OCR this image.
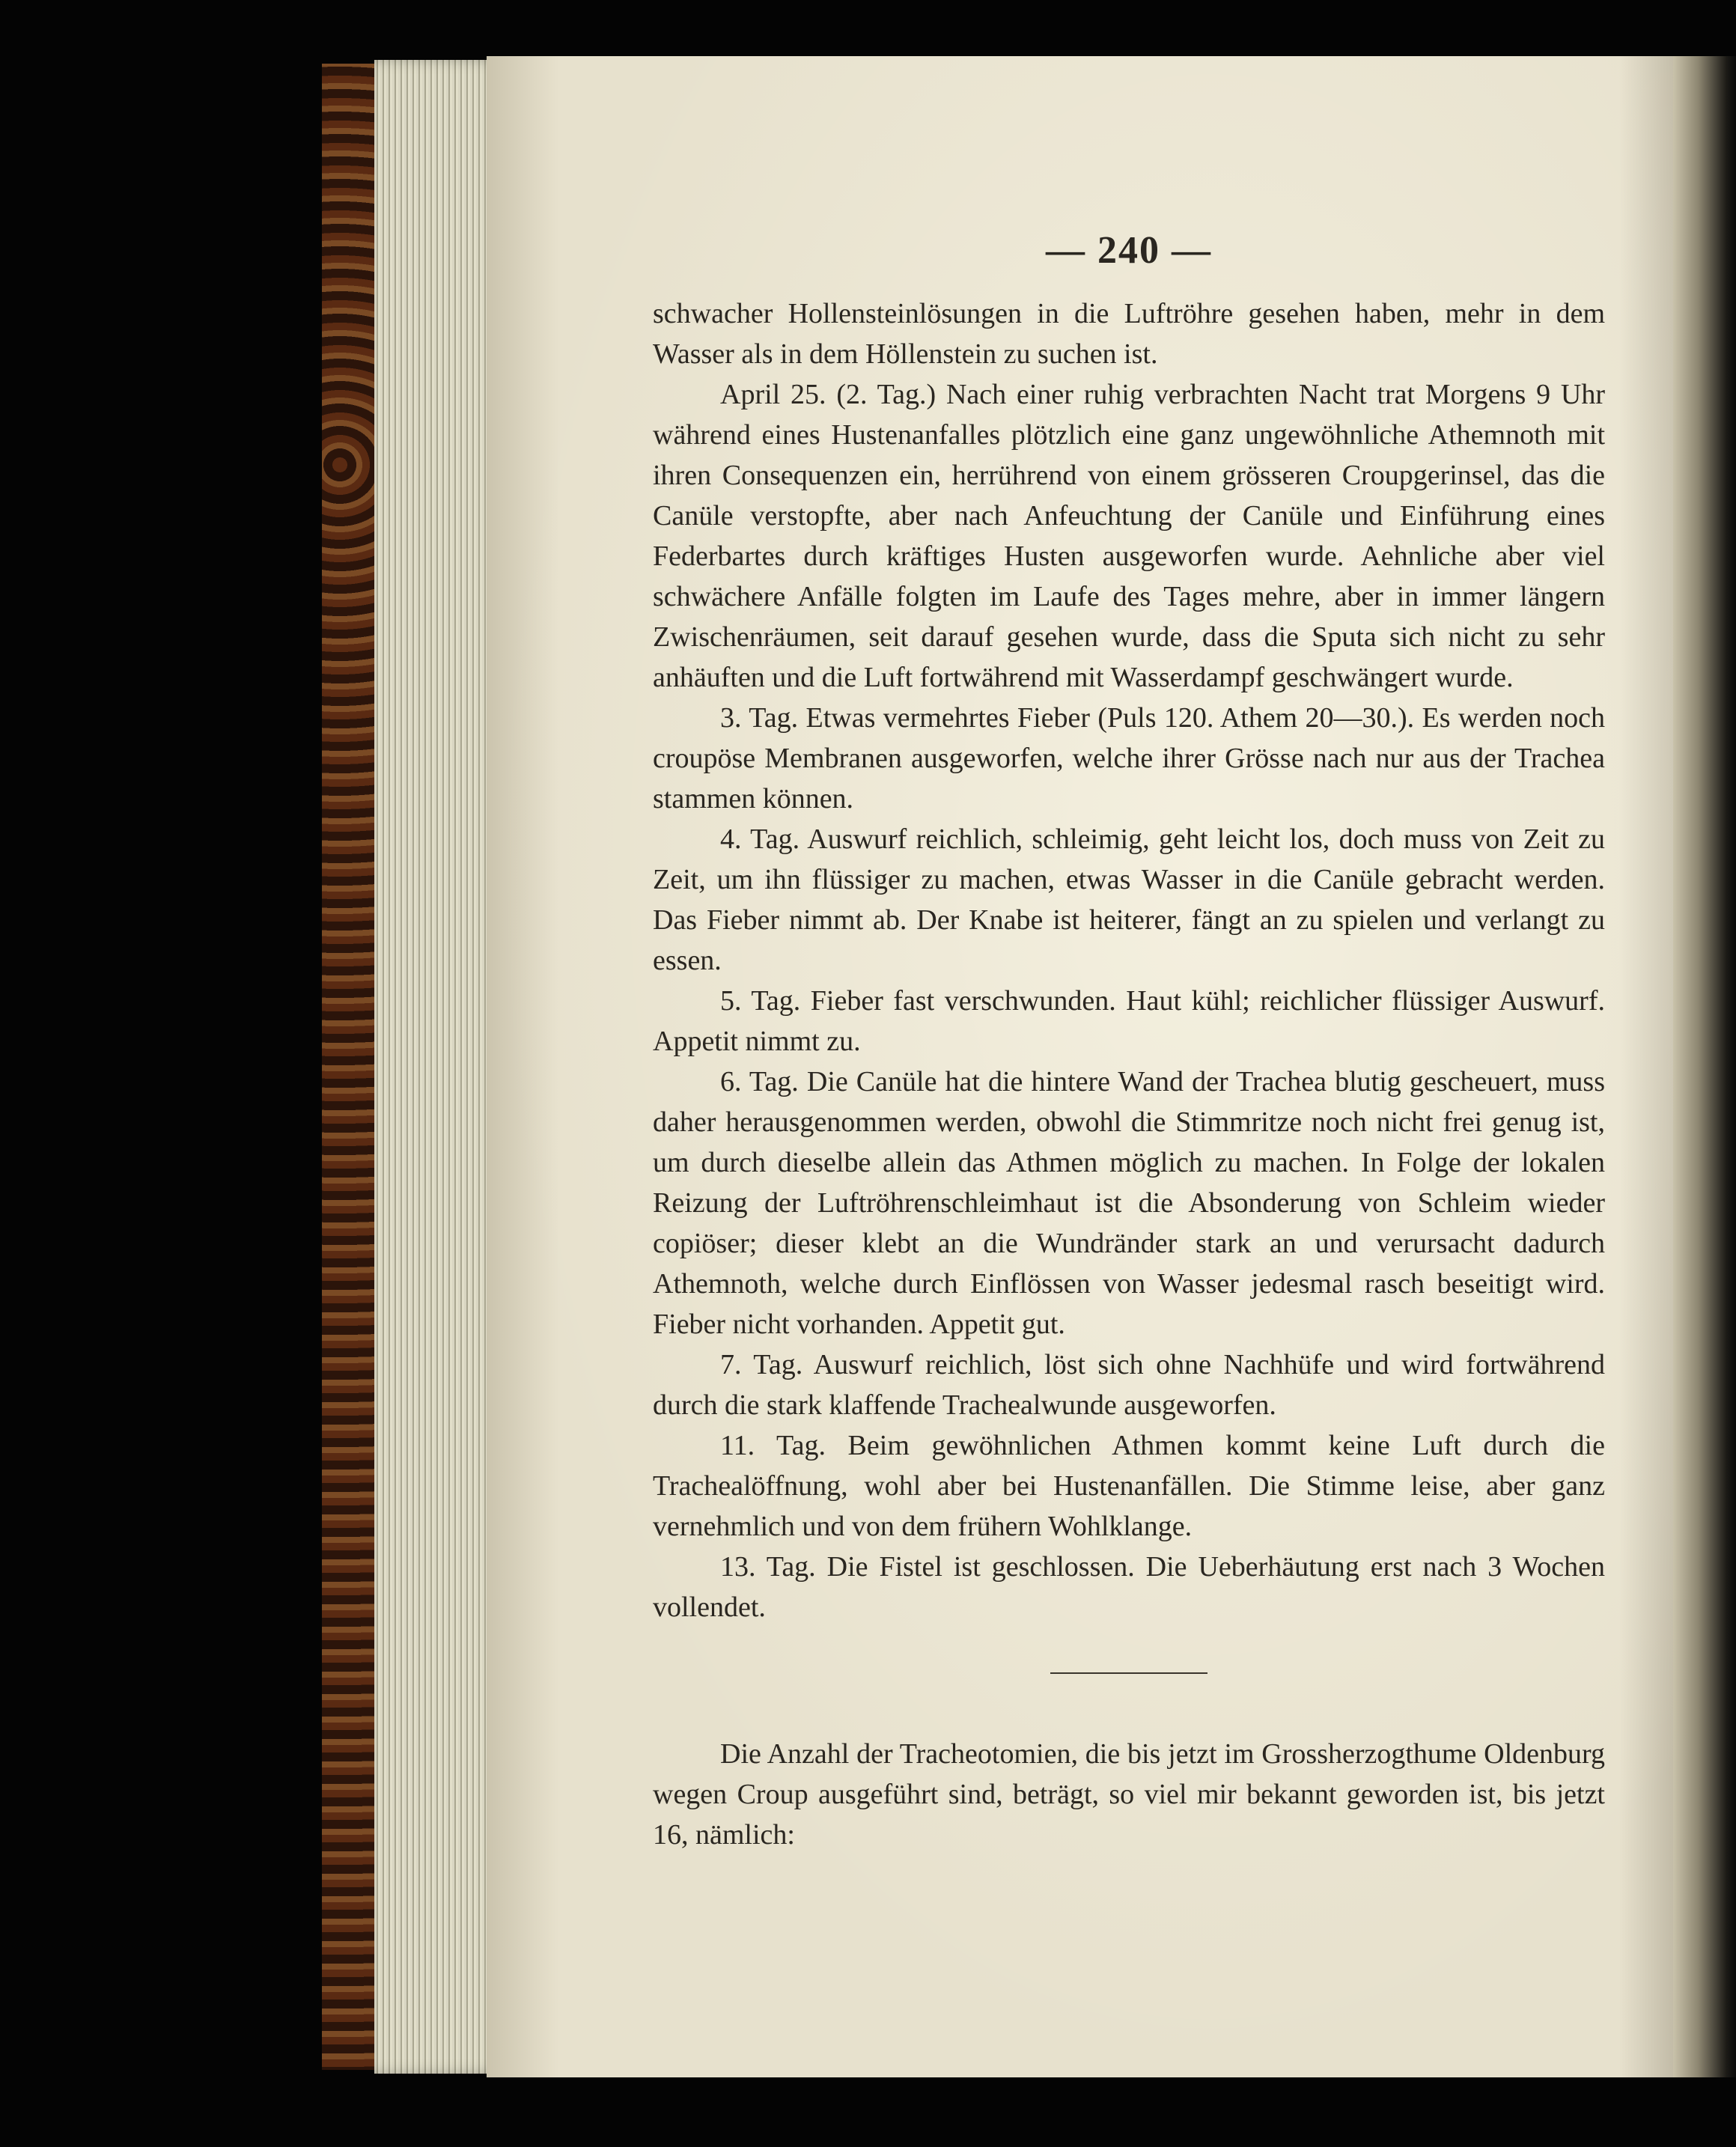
— 240 —

schwacher Hollensteinlösungen in die Luftröhre gesehen haben, mehr in dem Wasser als in dem Höllenstein zu suchen ist.

April 25. (2. Tag.) Nach einer ruhig verbrachten Nacht trat Morgens 9 Uhr während eines Hustenanfalles plötzlich eine ganz ungewöhnliche Athemnoth mit ihren Consequenzen ein, herrührend von einem grösseren Croupgerinsel, das die Canüle verstopfte, aber nach Anfeuchtung der Canüle und Einführung eines Federbartes durch kräftiges Husten ausgeworfen wurde. Aehnliche aber viel schwächere Anfälle folgten im Laufe des Tages mehre, aber in immer längern Zwischenräumen, seit darauf gesehen wurde, dass die Sputa sich nicht zu sehr anhäuften und die Luft fortwährend mit Wasserdampf geschwängert wurde.

3. Tag. Etwas vermehrtes Fieber (Puls 120. Athem 20—30.). Es werden noch croupöse Membranen ausgeworfen, welche ihrer Grösse nach nur aus der Trachea stammen können.

4. Tag. Auswurf reichlich, schleimig, geht leicht los, doch muss von Zeit zu Zeit, um ihn flüssiger zu machen, etwas Wasser in die Canüle gebracht werden. Das Fieber nimmt ab. Der Knabe ist heiterer, fängt an zu spielen und verlangt zu essen.

5. Tag. Fieber fast verschwunden. Haut kühl; reichlicher flüssiger Auswurf. Appetit nimmt zu.

6. Tag. Die Canüle hat die hintere Wand der Trachea blutig gescheuert, muss daher herausgenommen werden, obwohl die Stimmritze noch nicht frei genug ist, um durch dieselbe allein das Athmen möglich zu machen. In Folge der lokalen Reizung der Luftröhrenschleimhaut ist die Absonderung von Schleim wieder copiöser; dieser klebt an die Wundränder stark an und verursacht dadurch Athemnoth, welche durch Einflössen von Wasser jedesmal rasch beseitigt wird. Fieber nicht vorhanden. Appetit gut.

7. Tag. Auswurf reichlich, löst sich ohne Nachhüfe und wird fortwährend durch die stark klaffende Trachealwunde ausgeworfen.

11. Tag. Beim gewöhnlichen Athmen kommt keine Luft durch die Trachealöffnung, wohl aber bei Hustenanfällen. Die Stimme leise, aber ganz vernehmlich und von dem frühern Wohlklange.

13. Tag. Die Fistel ist geschlossen. Die Ueberhäutung erst nach 3 Wochen vollendet.

Die Anzahl der Tracheotomien, die bis jetzt im Grossherzogthume Oldenburg wegen Croup ausgeführt sind, beträgt, so viel mir bekannt geworden ist, bis jetzt 16, nämlich:
